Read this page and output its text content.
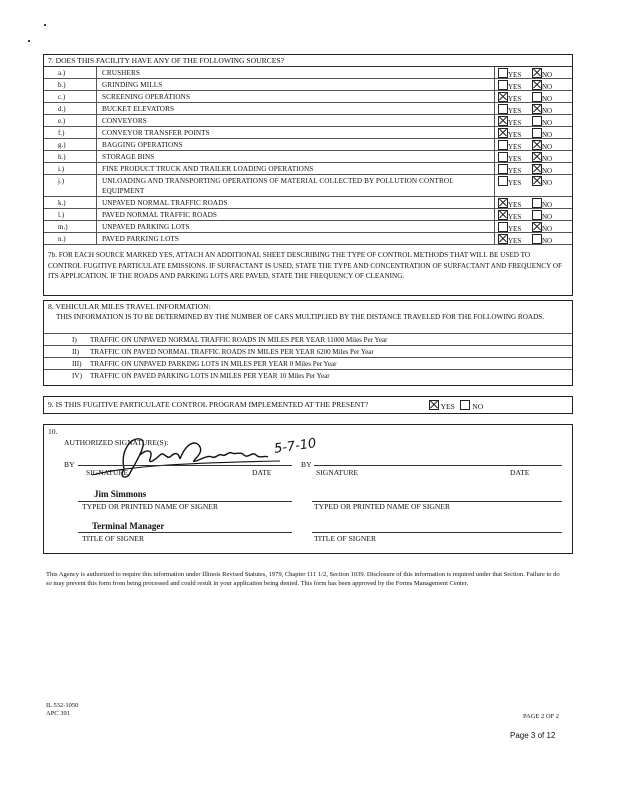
7. DOES THIS FACILITY HAVE ANY OF THE FOLLOWING SOURCES?
a.)	CRUSHERS	YES	NO
b.)	GRINDING MILLS	YES	NO
c.)	SCREENING OPERATIONS	YES	NO
d.)	BUCKET ELEVATORS	YES	NO
e.)	CONVEYORS	YES	NO
f.)	CONVEYOR TRANSFER POINTS	YES	NO
g.)	BAGGING OPERATIONS	YES	NO
h.)	STORAGE BINS	YES	NO
i.)	FINE PRODUCT TRUCK AND TRAILER LOADING OPERATIONS	YES	NO
j.)	UNLOADING AND TRANSPORTING OPERATIONS OF MATERIAL COLLECTED BY POLLUTION CONTROL EQUIPMENT
YES	NO
k.)	UNPAVED NORMAL TRAFFIC ROADS	YES	NO
l.)	PAVED NORMAL TRAFFIC ROADS	YES	NO
m.)	UNPAVED PARKING LOTS	YES	NO
n.)	PAVED PARKING LOTS	YES	NO
7b. FOR EACH SOURCE MARKED YES, ATTACH AN ADDITIONAL SHEET DESCRIBING THE TYPE OF CONTROL METHODS THAT WILL BE USED TO CONTROL FUGITIVE PARTICULATE EMISSIONS. IF SURFACTANT IS USED, STATE THE TYPE AND CONCENTRATION OF SURFACTANT AND FREQUENCY OF ITS APPLICATION. IF THE ROADS AND PARKING LOTS ARE PAVED, STATE THE FREQUENCY OF CLEANING.
8. VEHICULAR MILES TRAVEL INFORMATION:
THIS INFORMATION IS TO BE DETERMINED BY THE NUMBER OF CARS MULTIPLIED BY THE DISTANCE TRAVELED FOR THE FOLLOWING ROADS.
I) TRAFFIC ON UNPAVED NORMAL TRAFFIC ROADS IN MILES PER YEAR 11000 Miles Per Year
II) TRAFFIC ON PAVED NORMAL TRAFFIC ROADS IN MILES PER YEAR 6200 Miles Per Year
III) TRAFFIC ON UNPAVED PARKING LOTS IN MILES PER YEAR 0 Miles Per Year
IV) TRAFFIC ON PAVED PARKING LOTS IN MILES PER YEAR 10 Miles Per Year
9. IS THIS FUGITIVE PARTICULATE CONTROL PROGRAM IMPLEMENTED AT THE PRESENT?	YES NO
10.
AUTHORIZED SIGNATURE(S):	5-7-10
BY
SIGNATURE	DATE
BY
SIGNATURE	DATE
Jim Simmons
TYPED OR PRINTED NAME OF SIGNER	TYPED OR PRINTED NAME OF SIGNER
Terminal Manager
TITLE OF SIGNER	TITLE OF SIGNER
This Agency is authorized to require this information under Illinois Revised Statutes, 1979, Chapter 111 1/2, Section 1039. Disclosure of this information is required under that Section. Failure to do so may prevent this form from being processed and could result in your application being denied. This form has been approved by the Forms Management Center.
IL 532-1050
APC 391	PAGE 2 OF 2
Page 3 of 12
